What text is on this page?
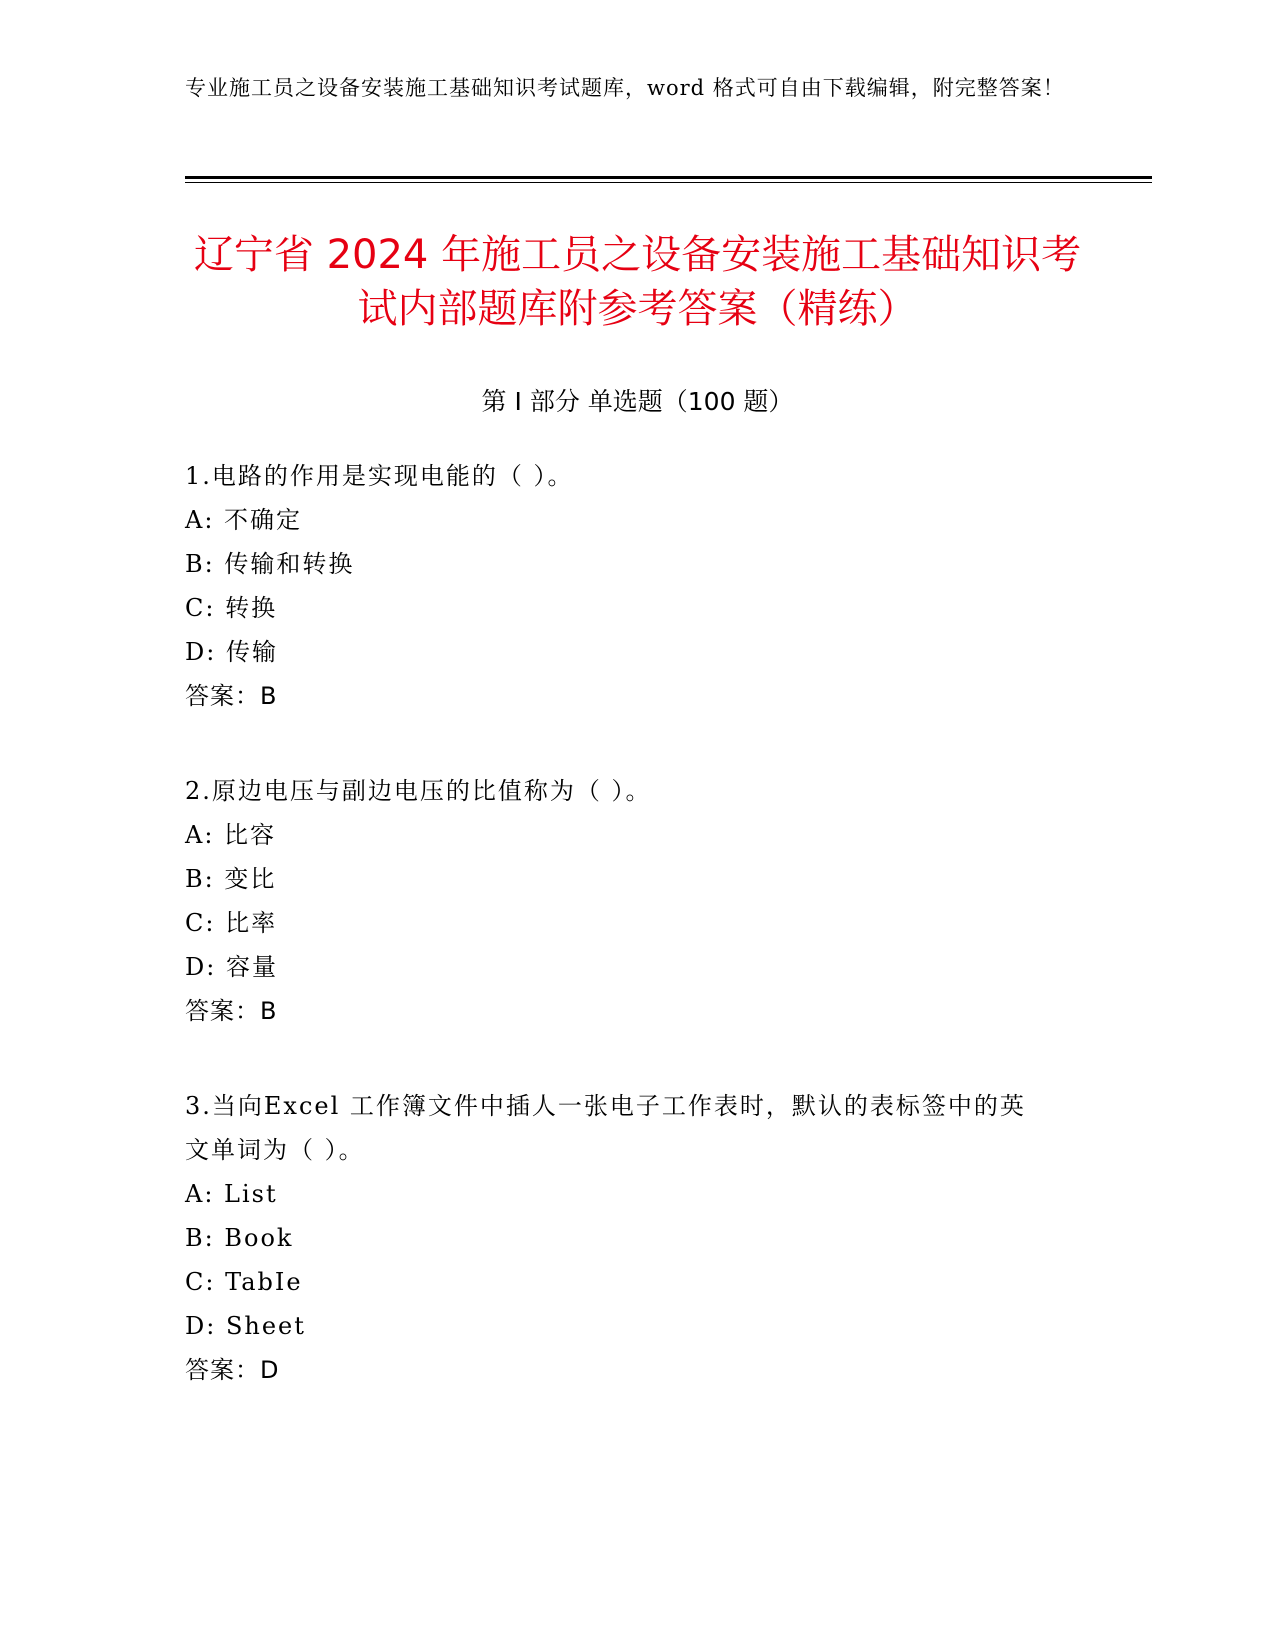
专业施工员之设备安装施工基础知识考试题库，word 格式可自由下载编辑，附完整答案！
辽宁省 2024 年施工员之设备安装施工基础知识考试内部题库附参考答案（精练）
第 I 部分 单选题（100 题）
1.电路的作用是实现电能的（ ）。
A: 不确定
B: 传输和转换
C: 转换
D: 传输
答案：B
2.原边电压与副边电压的比值称为（ ）。
A: 比容
B: 变比
C: 比率
D: 容量
答案：B
3.当向Excel 工作簿文件中插人一张电子工作表时，默认的表标签中的英文单词为（ ）。
A: List
B: Book
C: TabIe
D: Sheet
答案：D
